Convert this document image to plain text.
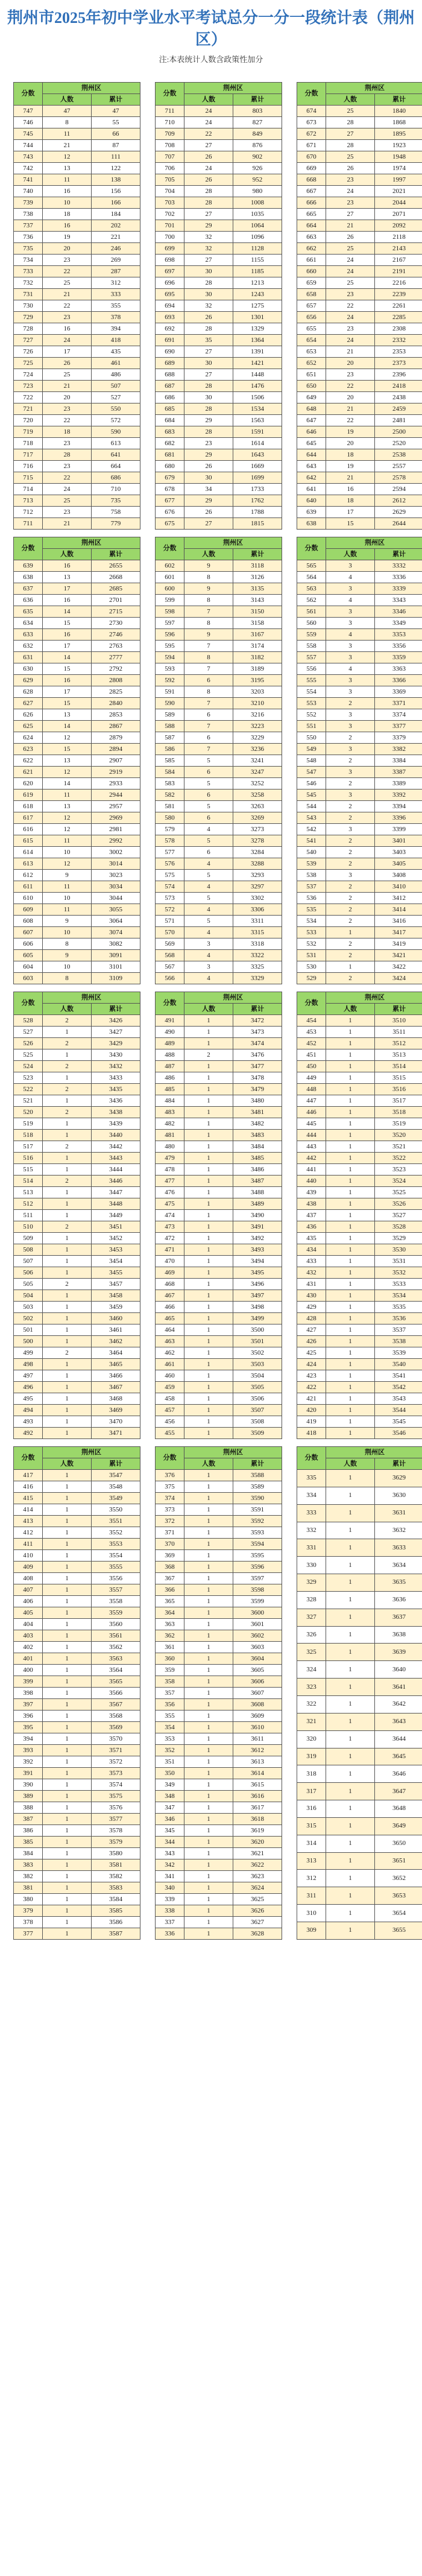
荆州市2025年初中学业水平考试总分一分一段统计表（荆州区）
注:本表统计人数含政策性加分
分数	荆州区	
	人数	累计
747	47	47
746	8	55
745	11	66
744	21	87
743	12	111
742	13	122
741	11	138
740	16	156
739	10	166
738	18	184
737	16	202
736	19	221
735	20	246
734	23	269
733	22	287
732	25	312
731	21	333
730	22	355
729	23	378
728	16	394
727	24	418
726	17	435
725	26	461
724	25	486
723	21	507
722	20	527
721	23	550
720	22	572
719	18	590
718	23	613
717	28	641
716	23	664
715	22	686
714	24	710
713	25	735
712	23	758
711	21	779
分数	荆州区	
	人数	累计
711	24	803
710	24	827
709	22	849
708	27	876
707	26	902
706	24	926
705	26	952
704	28	980
703	28	1008
702	27	1035
701	29	1064
700	32	1096
699	32	1128
698	27	1155
697	30	1185
696	28	1213
695	30	1243
694	32	1275
693	26	1301
692	28	1329
691	35	1364
690	27	1391
689	30	1421
688	27	1448
687	28	1476
686	30	1506
685	28	1534
684	29	1563
683	28	1591
682	23	1614
681	29	1643
680	26	1669
679	30	1699
678	34	1733
677	29	1762
676	26	1788
675	27	1815
分数	荆州区	
	人数	累计
674	25	1840
673	28	1868
672	27	1895
671	28	1923
670	25	1948
669	26	1974
668	23	1997
667	24	2021
666	23	2044
665	27	2071
664	21	2092
663	26	2118
662	25	2143
661	24	2167
660	24	2191
659	25	2216
658	23	2239
657	22	2261
656	24	2285
655	23	2308
654	24	2332
653	21	2353
652	20	2373
651	23	2396
650	22	2418
649	20	2438
648	21	2459
647	22	2481
646	19	2500
645	20	2520
644	18	2538
643	19	2557
642	21	2578
641	16	2594
640	18	2612
639	17	2629
638	15	2644
分数	荆州区	
	人数	累计
639	16	2655
638	13	2668
637	17	2685
636	16	2701
635	14	2715
634	15	2730
633	16	2746
632	17	2763
631	14	2777
630	15	2792
629	16	2808
628	17	2825
627	15	2840
626	13	2853
625	14	2867
624	12	2879
623	15	2894
622	13	2907
621	12	2919
620	14	2933
619	11	2944
618	13	2957
617	12	2969
616	12	2981
615	11	2992
614	10	3002
613	12	3014
612	9	3023
611	11	3034
610	10	3044
609	11	3055
608	9	3064
607	10	3074
606	8	3082
605	9	3091
604	10	3101
603	8	3109
分数	荆州区	
	人数	累计
602	9	3118
601	8	3126
600	9	3135
599	8	3143
598	7	3150
597	8	3158
596	9	3167
595	7	3174
594	8	3182
593	7	3189
592	6	3195
591	8	3203
590	7	3210
589	6	3216
588	7	3223
587	6	3229
586	7	3236
585	5	3241
584	6	3247
583	5	3252
582	6	3258
581	5	3263
580	6	3269
579	4	3273
578	5	3278
577	6	3284
576	4	3288
575	5	3293
574	4	3297
573	5	3302
572	4	3306
571	5	3311
570	4	3315
569	3	3318
568	4	3322
567	3	3325
566	4	3329
分数	荆州区	
	人数	累计
565	3	3332
564	4	3336
563	3	3339
562	4	3343
561	3	3346
560	3	3349
559	4	3353
558	3	3356
557	3	3359
556	4	3363
555	3	3366
554	3	3369
553	2	3371
552	3	3374
551	3	3377
550	2	3379
549	3	3382
548	2	3384
547	3	3387
546	2	3389
545	3	3392
544	2	3394
543	2	3396
542	3	3399
541	2	3401
540	2	3403
539	2	3405
538	3	3408
537	2	3410
536	2	3412
535	2	3414
534	2	3416
533	1	3417
532	2	3419
531	2	3421
530	1	3422
529	2	3424
分数	荆州区	
	人数	累计
528	2	3426
527	1	3427
526	2	3429
525	1	3430
524	2	3432
523	1	3433
522	2	3435
521	1	3436
520	2	3438
519	1	3439
518	1	3440
517	2	3442
516	1	3443
515	1	3444
514	2	3446
513	1	3447
512	1	3448
511	1	3449
510	2	3451
509	1	3452
508	1	3453
507	1	3454
506	1	3455
505	2	3457
504	1	3458
503	1	3459
502	1	3460
501	1	3461
500	1	3462
499	2	3464
498	1	3465
497	1	3466
496	1	3467
495	1	3468
494	1	3469
493	1	3470
492	1	3471
分数	荆州区	
	人数	累计
491	1	3472
490	1	3473
489	1	3474
488	2	3476
487	1	3477
486	1	3478
485	1	3479
484	1	3480
483	1	3481
482	1	3482
481	1	3483
480	1	3484
479	1	3485
478	1	3486
477	1	3487
476	1	3488
475	1	3489
474	1	3490
473	1	3491
472	1	3492
471	1	3493
470	1	3494
469	1	3495
468	1	3496
467	1	3497
466	1	3498
465	1	3499
464	1	3500
463	1	3501
462	1	3502
461	1	3503
460	1	3504
459	1	3505
458	1	3506
457	1	3507
456	1	3508
455	1	3509
分数	荆州区	
	人数	累计
454	1	3510
453	1	3511
452	1	3512
451	1	3513
450	1	3514
449	1	3515
448	1	3516
447	1	3517
446	1	3518
445	1	3519
444	1	3520
443	1	3521
442	1	3522
441	1	3523
440	1	3524
439	1	3525
438	1	3526
437	1	3527
436	1	3528
435	1	3529
434	1	3530
433	1	3531
432	1	3532
431	1	3533
430	1	3534
429	1	3535
428	1	3536
427	1	3537
426	1	3538
425	1	3539
424	1	3540
423	1	3541
422	1	3542
421	1	3543
420	1	3544
419	1	3545
418	1	3546
分数	荆州区	
	人数	累计
417	1	3547
416	1	3548
415	1	3549
414	1	3550
413	1	3551
412	1	3552
411	1	3553
410	1	3554
409	1	3555
408	1	3556
407	1	3557
406	1	3558
405	1	3559
404	1	3560
403	1	3561
402	1	3562
401	1	3563
400	1	3564
399	1	3565
398	1	3566
397	1	3567
396	1	3568
395	1	3569
394	1	3570
393	1	3571
392	1	3572
391	1	3573
390	1	3574
389	1	3575
388	1	3576
387	1	3577
386	1	3578
385	1	3579
384	1	3580
383	1	3581
382	1	3582
381	1	3583
380	1	3584
379	1	3585
378	1	3586
377	1	3587
分数	荆州区	
	人数	累计
376	1	3588
375	1	3589
374	1	3590
373	1	3591
372	1	3592
371	1	3593
370	1	3594
369	1	3595
368	1	3596
367	1	3597
366	1	3598
365	1	3599
364	1	3600
363	1	3601
362	1	3602
361	1	3603
360	1	3604
359	1	3605
358	1	3606
357	1	3607
356	1	3608
355	1	3609
354	1	3610
353	1	3611
352	1	3612
351	1	3613
350	1	3614
349	1	3615
348	1	3616
347	1	3617
346	1	3618
345	1	3619
344	1	3620
343	1	3621
342	1	3622
341	1	3623
340	1	3624
339	1	3625
338	1	3626
337	1	3627
336	1	3628
分数	荆州区	
	人数	累计
335	1	3629
334	1	3630
333	1	3631
332	1	3632
331	1	3633
330	1	3634
329	1	3635
328	1	3636
327	1	3637
326	1	3638
325	1	3639
324	1	3640
323	1	3641
322	1	3642
321	1	3643
320	1	3644
319	1	3645
318	1	3646
317	1	3647
316	1	3648
315	1	3649
314	1	3650
313	1	3651
312	1	3652
311	1	3653
310	1	3654
309	1	3655
